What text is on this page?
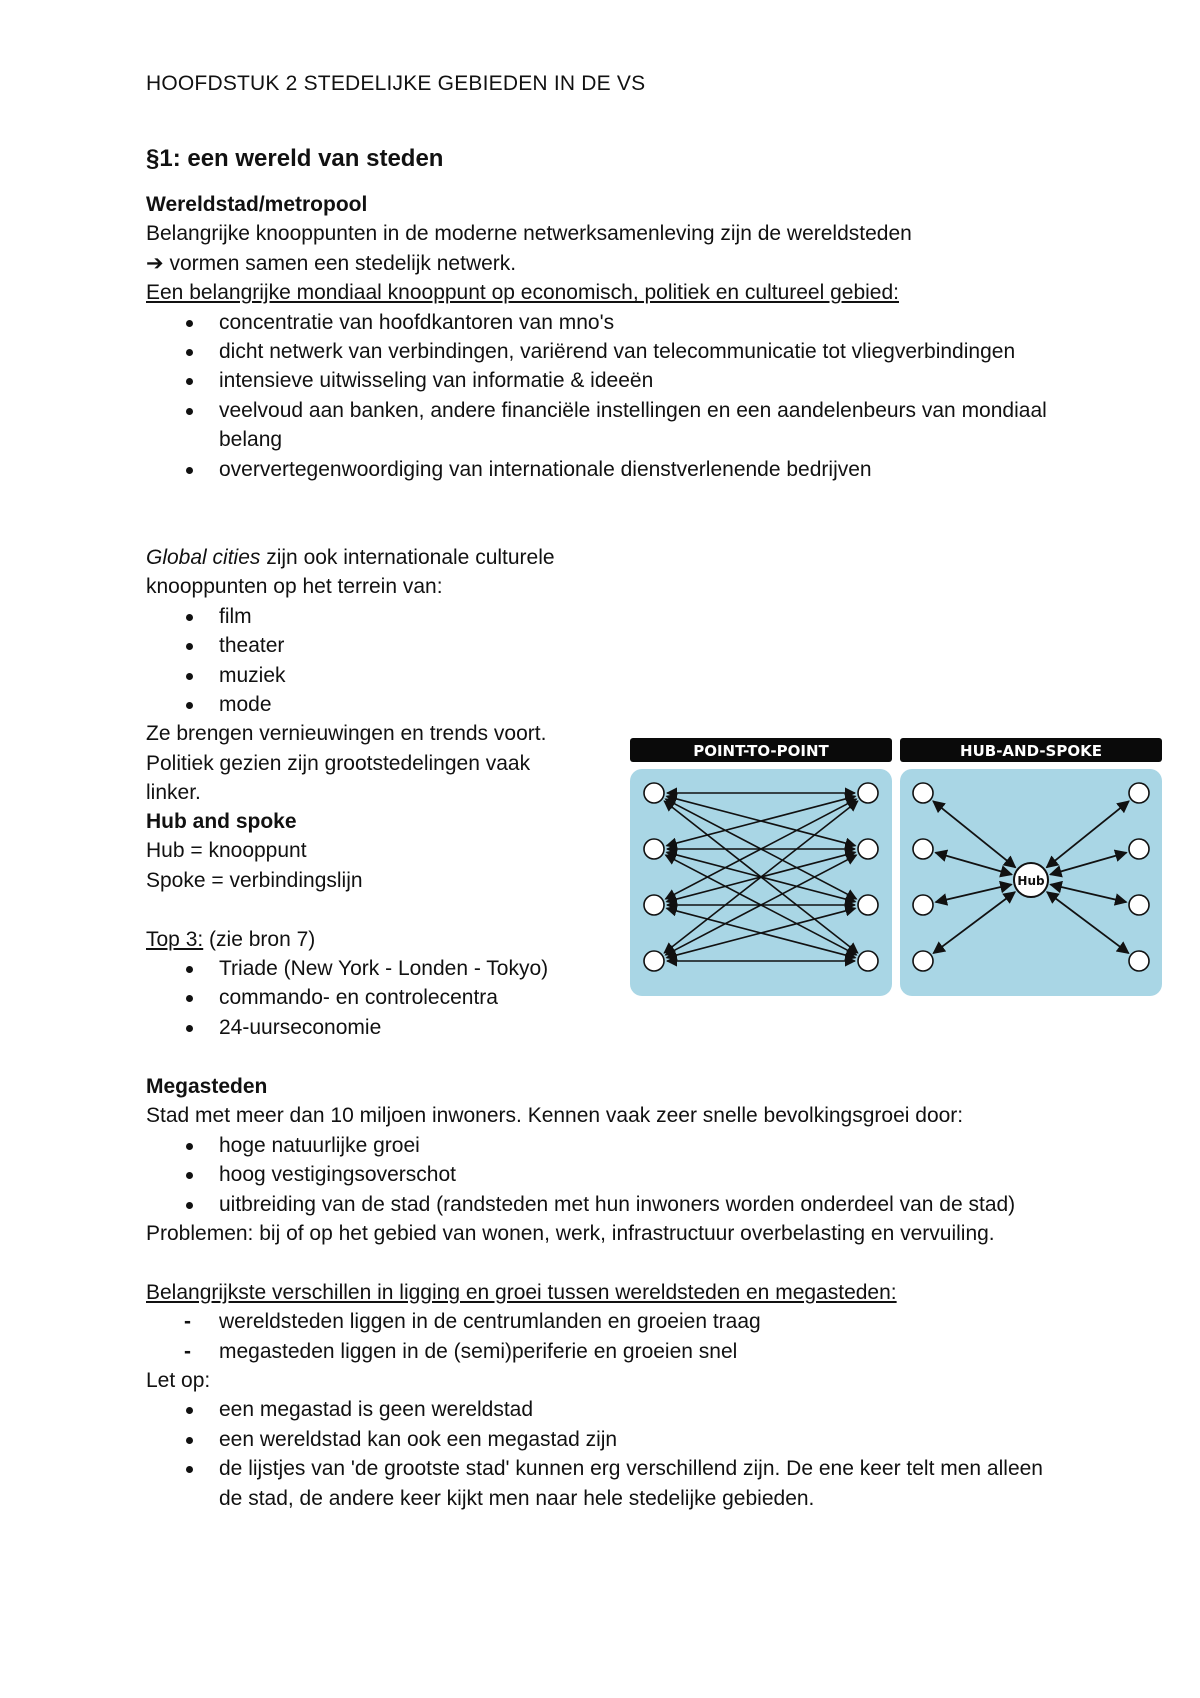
HOOFDSTUK 2 STEDELIJKE GEBIEDEN IN DE VS
§1: een wereld van steden

Wereldstad/metropool

Belangrijke knooppunten in de moderne netwerksamenleving zijn de wereldsteden

➔ vormen samen een stedelijk netwerk.

Een belangrijke mondiaal knooppunt op economisch, politiek en cultureel gebied:

concentratie van hoofdkantoren van mno's
dicht netwerk van verbindingen, variërend van telecommunicatie tot vliegverbindingen
intensieve uitwisseling van informatie & ideeën
veelvoud aan banken, andere financiële instellingen en een aandelenbeurs van mondiaal belang
oververtegenwoordiging van internationale dienstverlenende bedrijven

Global cities zijn ook internationale culturele knooppunten op het terrein van:

film
theater
muziek
mode

Ze brengen vernieuwingen en trends voort.

Politiek gezien zijn grootstedelingen vaak

linker.

Hub and spoke

Hub = knooppunt

Spoke = verbindingslijn

Top 3: (zie bron 7)

Triade (New York - Londen - Tokyo)
commando- en controlecentra
24-uurseconomie
POINT-TO-POINT	HUB-AND-SPOKE
Hub

Megasteden

Stad met meer dan 10 miljoen inwoners. Kennen vaak zeer snelle bevolkingsgroei door:

hoge natuurlijke groei
hoog vestigingsoverschot
uitbreiding van de stad (randsteden met hun inwoners worden onderdeel van de stad)

Problemen: bij of op het gebied van wonen, werk, infrastructuur overbelasting en vervuiling.

Belangrijkste verschillen in ligging en groei tussen wereldsteden en megasteden:

- wereldsteden liggen in de centrumlanden en groeien traag
- megasteden liggen in de (semi)periferie en groeien snel

Let op:

een megastad is geen wereldstad
een wereldstad kan ook een megastad zijn
de lijstjes van 'de grootste stad' kunnen erg verschillend zijn. De ene keer telt men alleen de stad, de andere keer kijkt men naar hele stedelijke gebieden.
